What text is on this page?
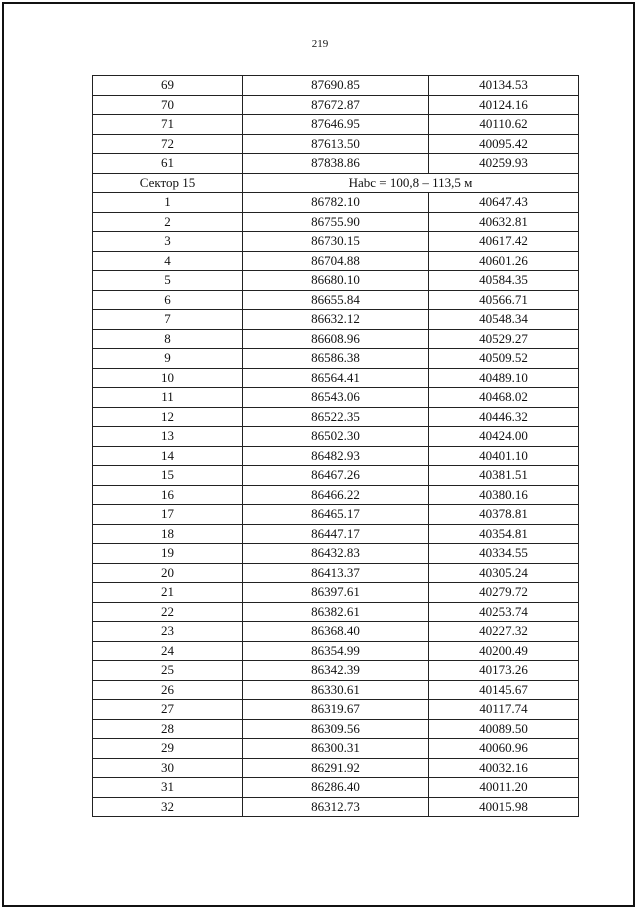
219
69	87690.85	40134.53
70	87672.87	40124.16
71	87646.95	40110.62
72	87613.50	40095.42
61	87838.86	40259.93
Сектор 15	Нabc = 100,8 – 113,5 м	
1	86782.10	40647.43
2	86755.90	40632.81
3	86730.15	40617.42
4	86704.88	40601.26
5	86680.10	40584.35
6	86655.84	40566.71
7	86632.12	40548.34
8	86608.96	40529.27
9	86586.38	40509.52
10	86564.41	40489.10
11	86543.06	40468.02
12	86522.35	40446.32
13	86502.30	40424.00
14	86482.93	40401.10
15	86467.26	40381.51
16	86466.22	40380.16
17	86465.17	40378.81
18	86447.17	40354.81
19	86432.83	40334.55
20	86413.37	40305.24
21	86397.61	40279.72
22	86382.61	40253.74
23	86368.40	40227.32
24	86354.99	40200.49
25	86342.39	40173.26
26	86330.61	40145.67
27	86319.67	40117.74
28	86309.56	40089.50
29	86300.31	40060.96
30	86291.92	40032.16
31	86286.40	40011.20
32	86312.73	40015.98
